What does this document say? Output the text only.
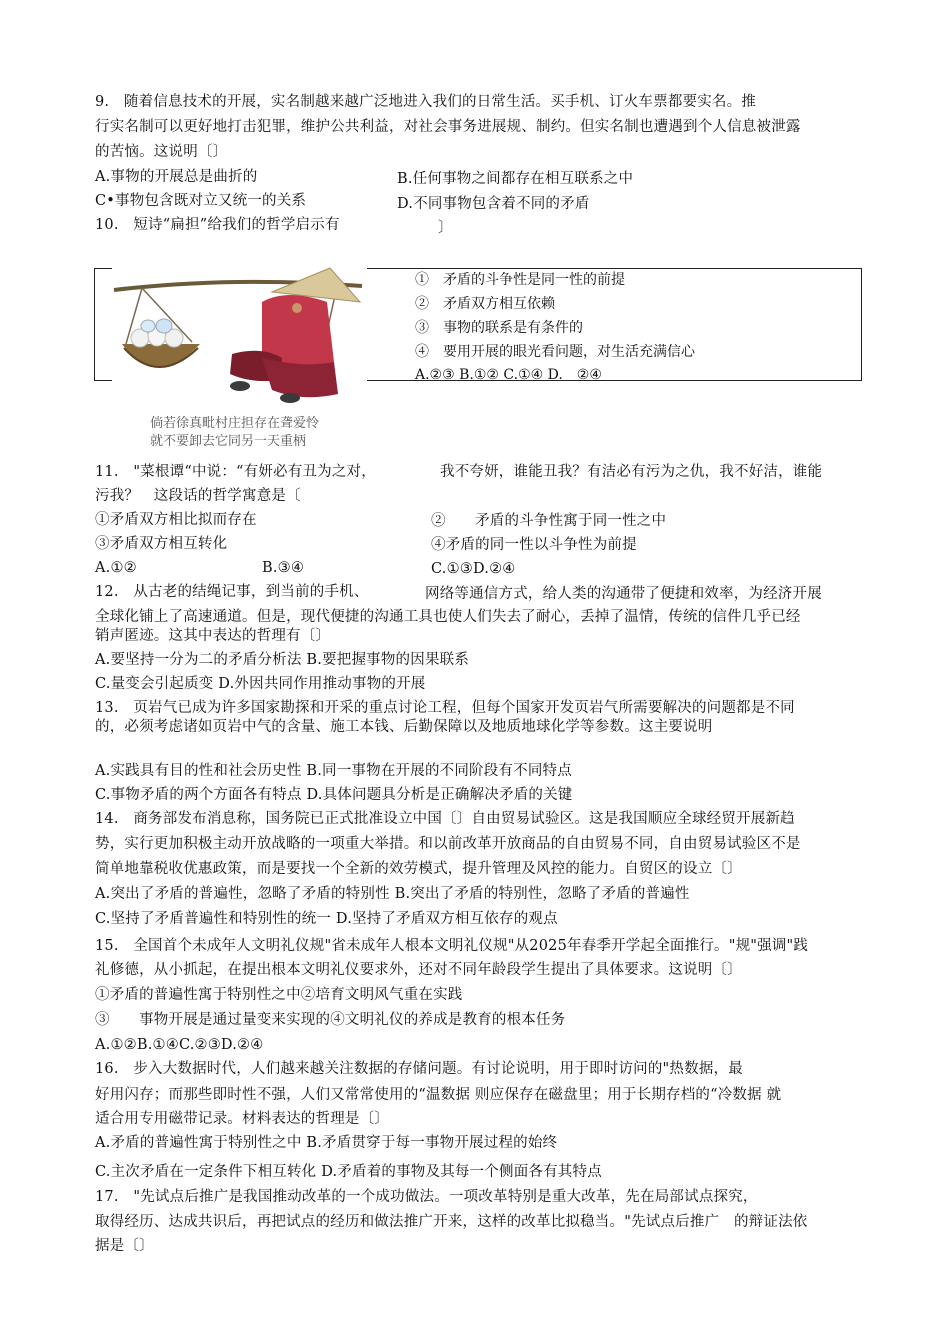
9.　随着信息技术的开展，实名制越来越广泛地进入我们的日常生活。买手机、订火车票都要实名。推
行实名制可以更好地打击犯罪，维护公共利益，对社会事务进展规、制约。但实名制也遭遇到个人信息被泄露
的苦恼。这说明〔〕
A.事物的开展总是曲折的	B.任何事物之间都存在相互联系之中
C•事物包含既对立又统一的关系	D.不同事物包含着不同的矛盾
10.　短诗“扁担”给我们的哲学启示有	〕
①　矛盾的斗争性是同一性的前提
②　矛盾双方相互依赖
③　事物的联系是有条件的
④　要用开展的眼光看问题，对生活充满信心
A.②③ B.①② C.①④ D.　②④
倘若徐真毗村庄担存在聋爱怜
就不要卸去它同另一天重柄
11.　"菜根谭“中说：“有妍必有丑为之对，	我不夸妍，谁能丑我？有洁必有污为之仇，我不好洁，谁能
污我？　这段话的哲学寓意是〔
①矛盾双方相比拟而存在	②　　矛盾的斗争性寓于同一性之中
③矛盾双方相互转化	④矛盾的同一性以斗争性为前提
A.①②	B.③④	C.①③D.②④
12.　从古老的结绳记事，到当前的手机、	网络等通信方式，给人类的沟通带了便捷和效率，为经济开展
全球化铺上了高速通道。但是，现代便捷的沟通工具也使人们失去了耐心，丢掉了温情，传统的信件几乎已经
销声匿迹。这其中表达的哲理有〔〕
A.要坚持一分为二的矛盾分析法 B.要把握事物的因果联系
C.量变会引起质变 D.外因共同作用推动事物的开展
13.　页岩气已成为许多国家勘探和开采的重点讨论工程，但每个国家开发页岩气所需要解决的问题都是不同
的，必须考虑诸如页岩中气的含量、施工本钱、后勤保障以及地质地球化学等参数。这主要说明
A.实践具有目的性和社会历史性 B.同一事物在开展的不同阶段有不同特点
C.事物矛盾的两个方面各有特点 D.具体问题具分析是正确解决矛盾的关键
14.　商务部发布消息称，国务院已正式批准设立中国〔〕自由贸易试验区。这是我国顺应全球经贸开展新趋
势，实行更加积极主动开放战略的一项重大举措。和以前改革开放商品的自由贸易不同，自由贸易试验区不是
简单地靠税收优惠政策，而是要找一个全新的效劳模式，提升管理及风控的能力。自贸区的设立〔〕
A.突出了矛盾的普遍性，忽略了矛盾的特别性 B.突出了矛盾的特别性，忽略了矛盾的普遍性
C.坚持了矛盾普遍性和特别性的统一 D.坚持了矛盾双方相互依存的观点
15.　全国首个未成年人文明礼仪规"省未成年人根本文明礼仪规"从2025年春季开学起全面推行。"规"强调"践
礼修德，从小抓起，在提出根本文明礼仪要求外，还对不同年龄段学生提出了具体要求。这说明〔〕
①矛盾的普遍性寓于特别性之中②培育文明风气重在实践
③　　事物开展是通过量变来实现的④文明礼仪的养成是教育的根本任务
A.①②B.①④C.②③D.②④
16.　步入大数据时代，人们越来越关注数据的存储问题。有讨论说明，用于即时访问的"热数据，最
好用闪存；而那些即时性不强，人们又常常使用的“温数据 则应保存在磁盘里；用于长期存档的“冷数据 就
适合用专用磁带记录。材料表达的哲理是〔〕
A.矛盾的普遍性寓于特别性之中 B.矛盾贯穿于每一事物开展过程的始终
C.主次矛盾在一定条件下相互转化 D.矛盾着的事物及其每一个侧面各有其特点
17.　"先试点后推广是我国推动改革的一个成功做法。一项改革特别是重大改革，先在局部试点探究，
取得经历、达成共识后，再把试点的经历和做法推广开来，这样的改革比拟稳当。"先试点后推广　的辩证法依
据是〔〕
